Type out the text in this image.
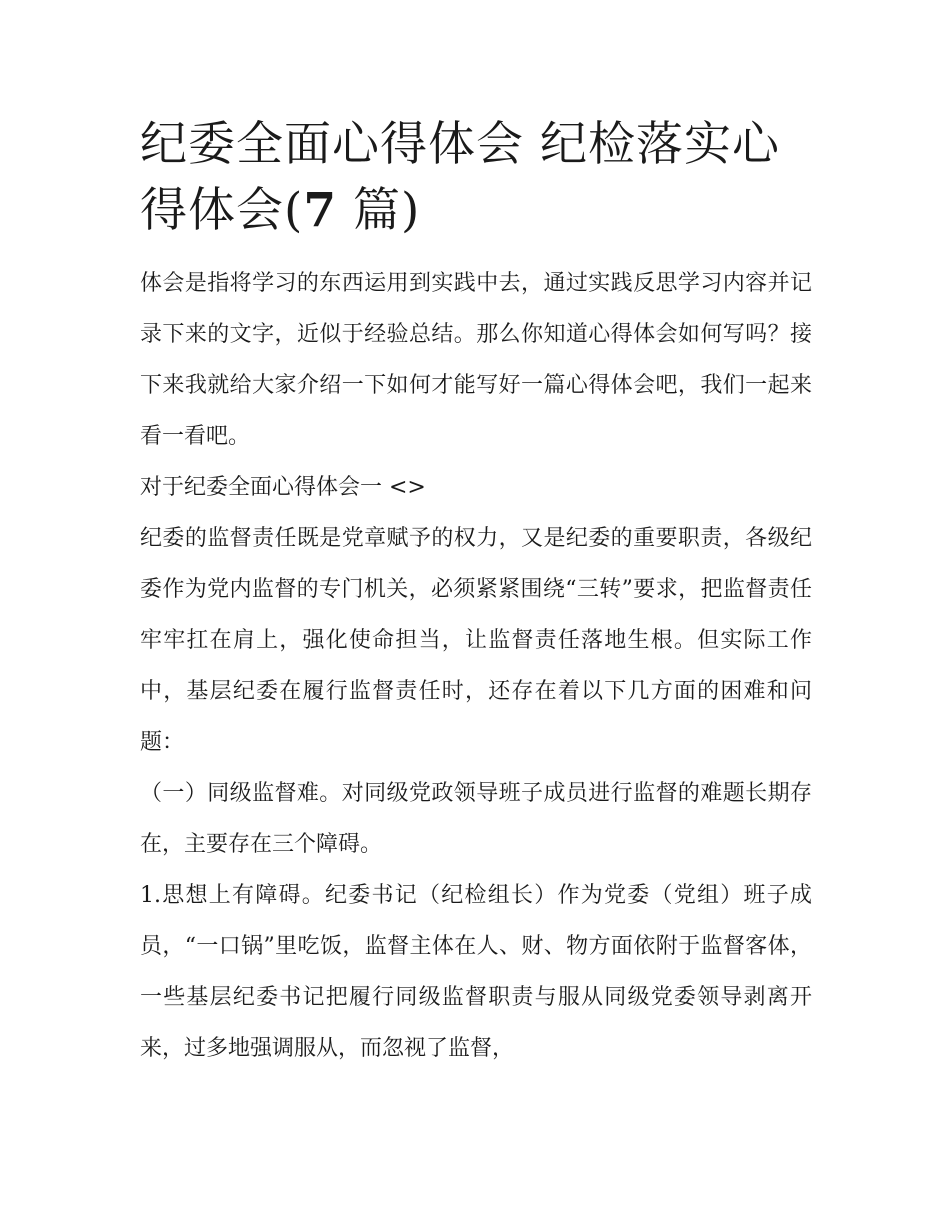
纪委全面心得体会 纪检落实心得体会(7 篇)

体会是指将学习的东西运用到实践中去，通过实践反思学习内容并记录下来的文字，近似于经验总结。那么你知道心得体会如何写吗？接下来我就给大家介绍一下如何才能写好一篇心得体会吧，我们一起来看一看吧。

对于纪委全面心得体会一 <>

纪委的监督责任既是党章赋予的权力，又是纪委的重要职责，各级纪委作为党内监督的专门机关，必须紧紧围绕“三转”要求，把监督责任牢牢扛在肩上，强化使命担当，让监督责任落地生根。但实际工作中，基层纪委在履行监督责任时，还存在着以下几方面的困难和问题：

（一）同级监督难。对同级党政领导班子成员进行监督的难题长期存在，主要存在三个障碍。

1.思想上有障碍。纪委书记（纪检组长）作为党委（党组）班子成员，“一口锅”里吃饭，监督主体在人、财、物方面依附于监督客体，一些基层纪委书记把履行同级监督职责与服从同级党委领导剥离开来，过多地强调服从，而忽视了监督，
